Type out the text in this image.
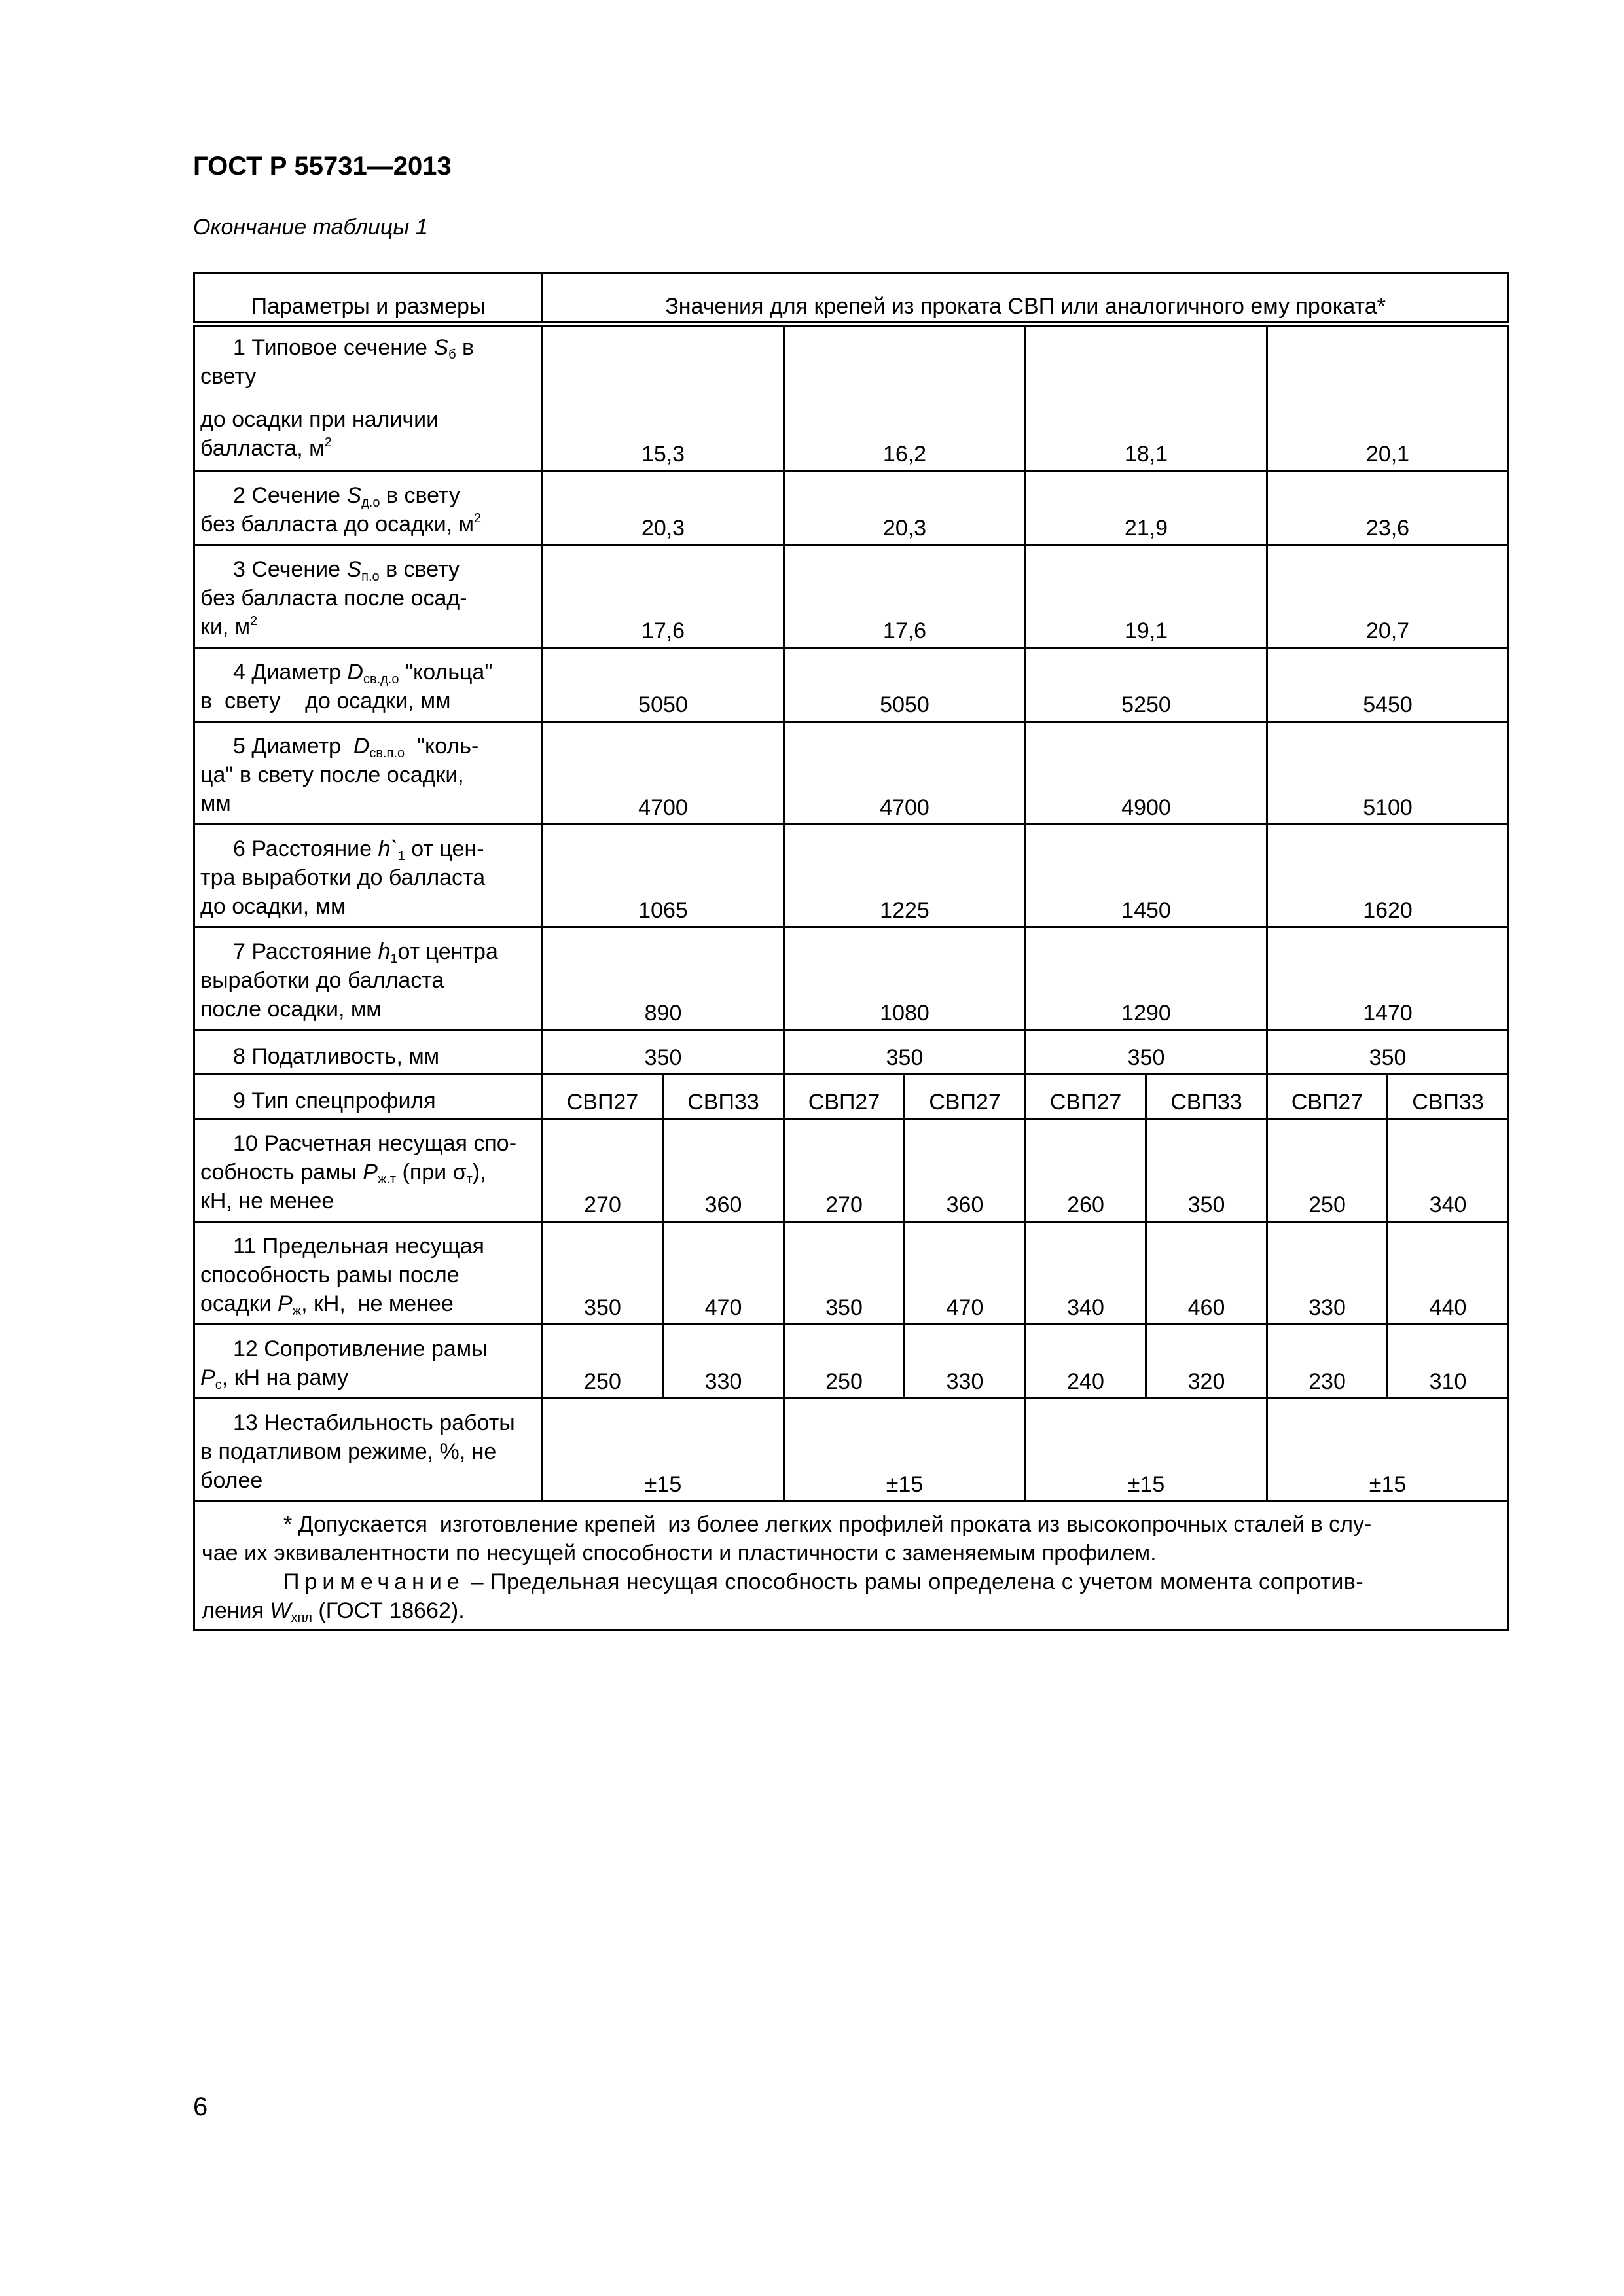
ГОСТ Р 55731—2013
Окончание таблицы 1
Параметры и размеры	Значения для крепей из проката СВП или аналогичного ему проката*							

1 Типовое сечение $S_б$ в
свету
до осадки при наличии
балласта, $м^2$	15,3		16,2		18,1		20,1	

2 Сечение $S_{д.о}$ в свету
без балласта до осадки, $м^2$	20,3		20,3		21,9		23,6	

3 Сечение $S_{п.о}$ в свету
без балласта после осад-
ки, $м^2$	17,6		17,6		19,1		20,7	

4 Диаметр $D_{св.д.о}$ "кольца"
в  свету    до осадки, мм	5050		5050		5250		5450	

5 Диаметр  $D_{св.п.о}$  "коль-
ца" в свету после осадки,
мм	4700		4700		4900		5100	

6 Расстояние $h`_1$ от цен-
тра выработки до балласта
до осадки, мм	1065		1225		1450		1620	

7 Расстояние $h_1от$ центра
выработки до балласта
после осадки, мм	890		1080		1290		1470	

8 Податливость, мм	350		350		350		350	

9 Тип спецпрофиля	СВП27	СВП33	СВП27	СВП27	СВП27	СВП33	СВП27	СВП33

10 Расчетная несущая спо-
собность рамы $P_{ж.т}$ (при $\sigma_т$),
кН, не менее	270	360	270	360	260	350	250	340

11 Предельная несущая
способность рамы после
осадки $P_ж$, кН,  не менее	350	470	350	470	340	460	330	440

12 Сопротивление рамы
$P_с$, кН на раму	250	330	250	330	240	320	230	310

13 Нестабильность работы
в податливом режиме, %, не
более	±15		±15		±15		±15	

* Допускается  изготовление крепей  из более легких профилей проката из высокопрочных сталей в слу-
чае их эквивалентности по несущей способности и пластичности с заменяемым профилем.
Примечание – Предельная несущая способность рамы определена с учетом момента сопротив-
ления $W_{хпл}$ (ГОСТ 18662).								
6
